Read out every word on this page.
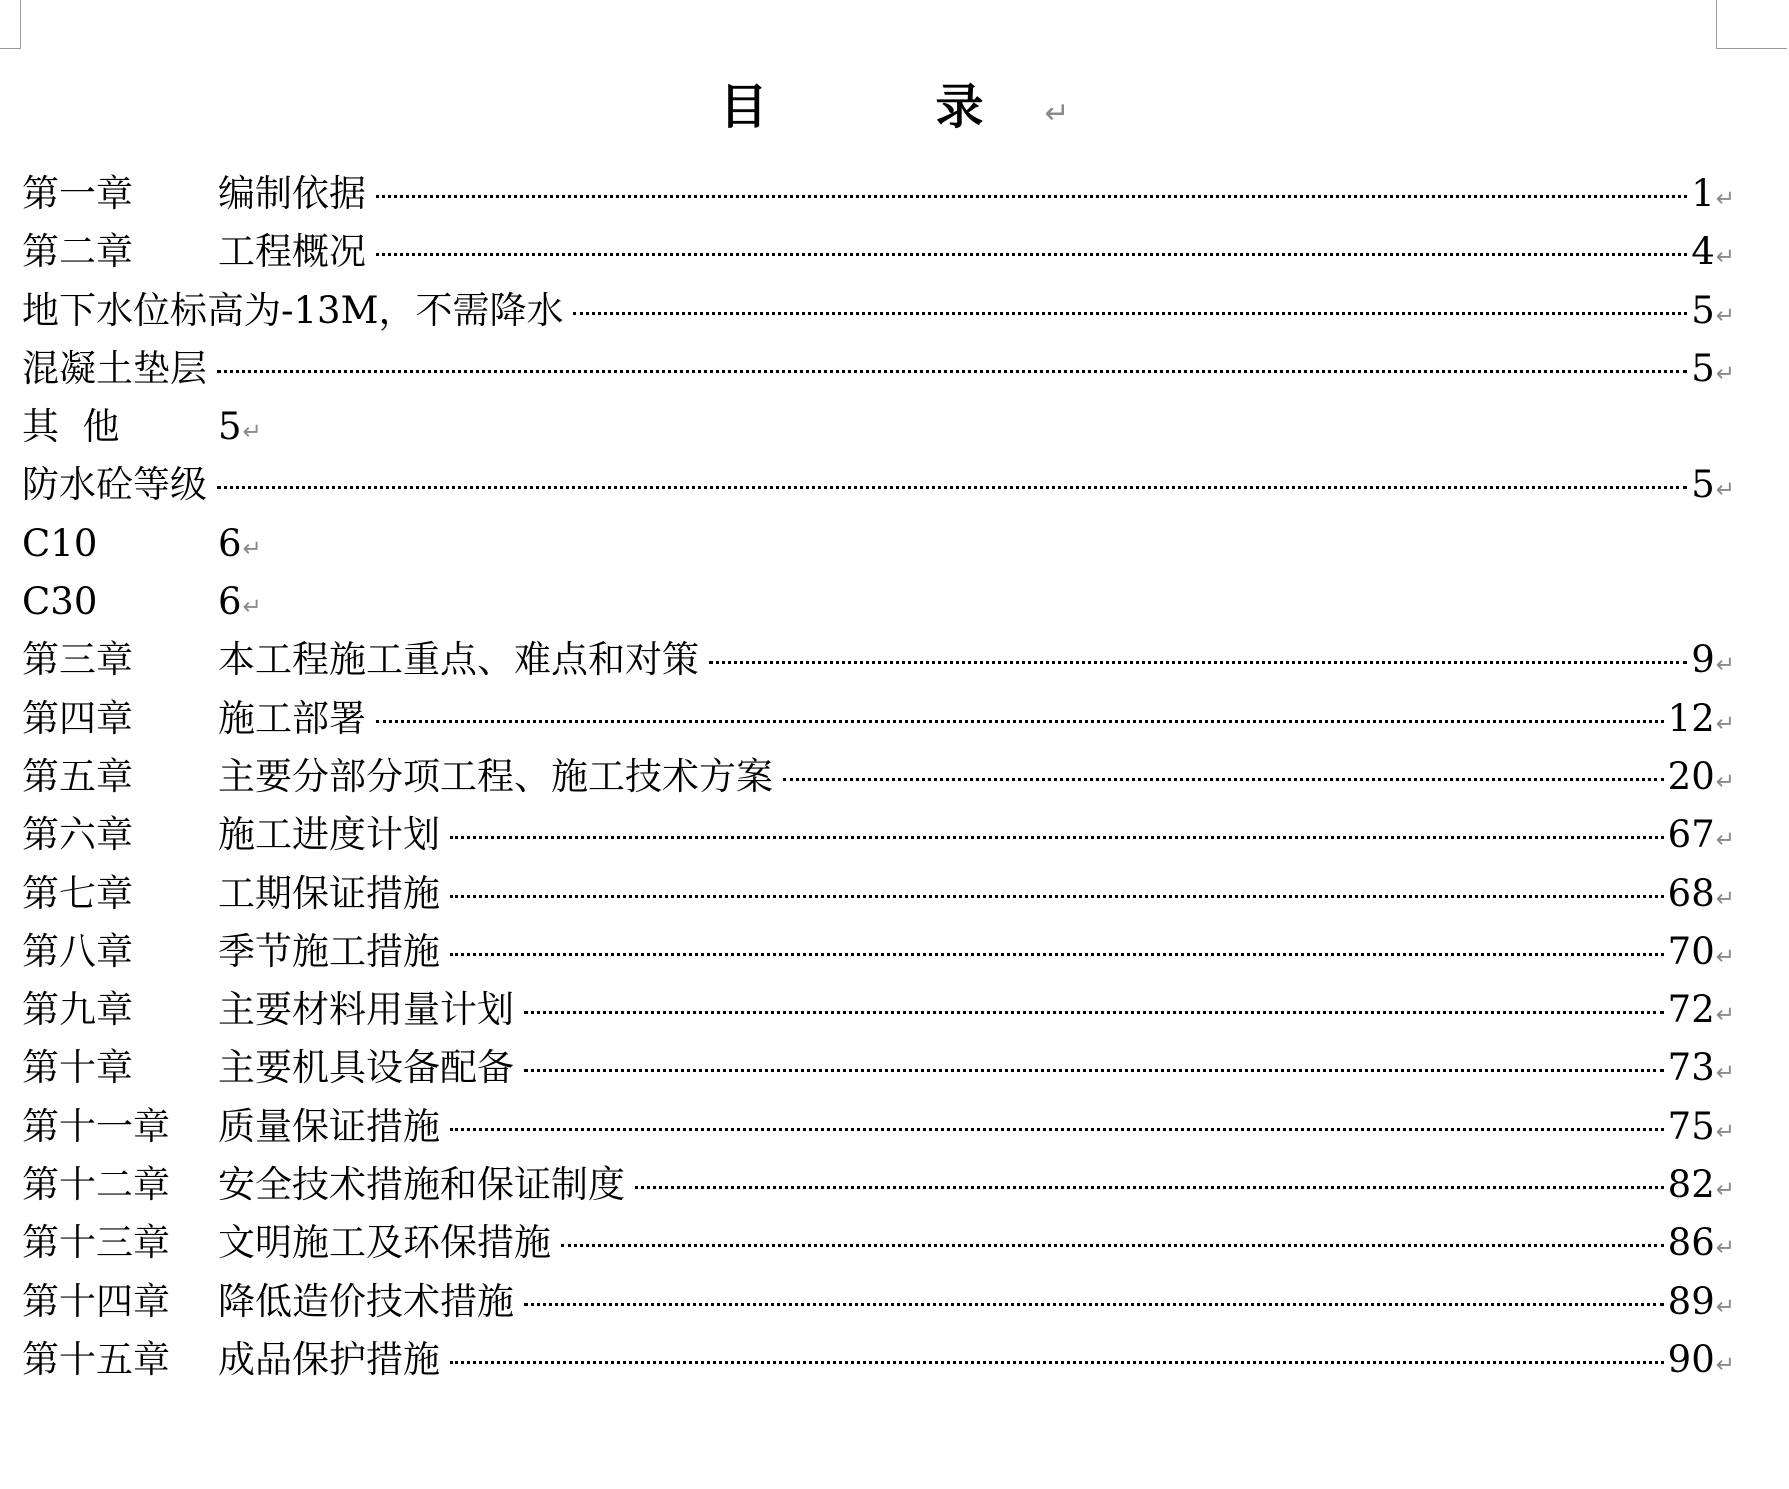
目　录↵
第一章	编制依据	1 ↵
第二章	工程概况	4 ↵
地下水位标高为-13M，不需降水	5 ↵
混凝土垫层	5 ↵
其  他	5 ↵
防水砼等级	5 ↵
C10	6 ↵
C30	6 ↵
第三章	本工程施工重点、难点和对策	9 ↵
第四章	施工部署	12 ↵
第五章	主要分部分项工程、施工技术方案	20 ↵
第六章	施工进度计划	67 ↵
第七章	工期保证措施	68 ↵
第八章	季节施工措施	70 ↵
第九章	主要材料用量计划	72 ↵
第十章	主要机具设备配备	73 ↵
第十一章	质量保证措施	75 ↵
第十二章	安全技术措施和保证制度	82 ↵
第十三章	文明施工及环保措施	86 ↵
第十四章	降低造价技术措施	89 ↵
第十五章	成品保护措施	90 ↵
